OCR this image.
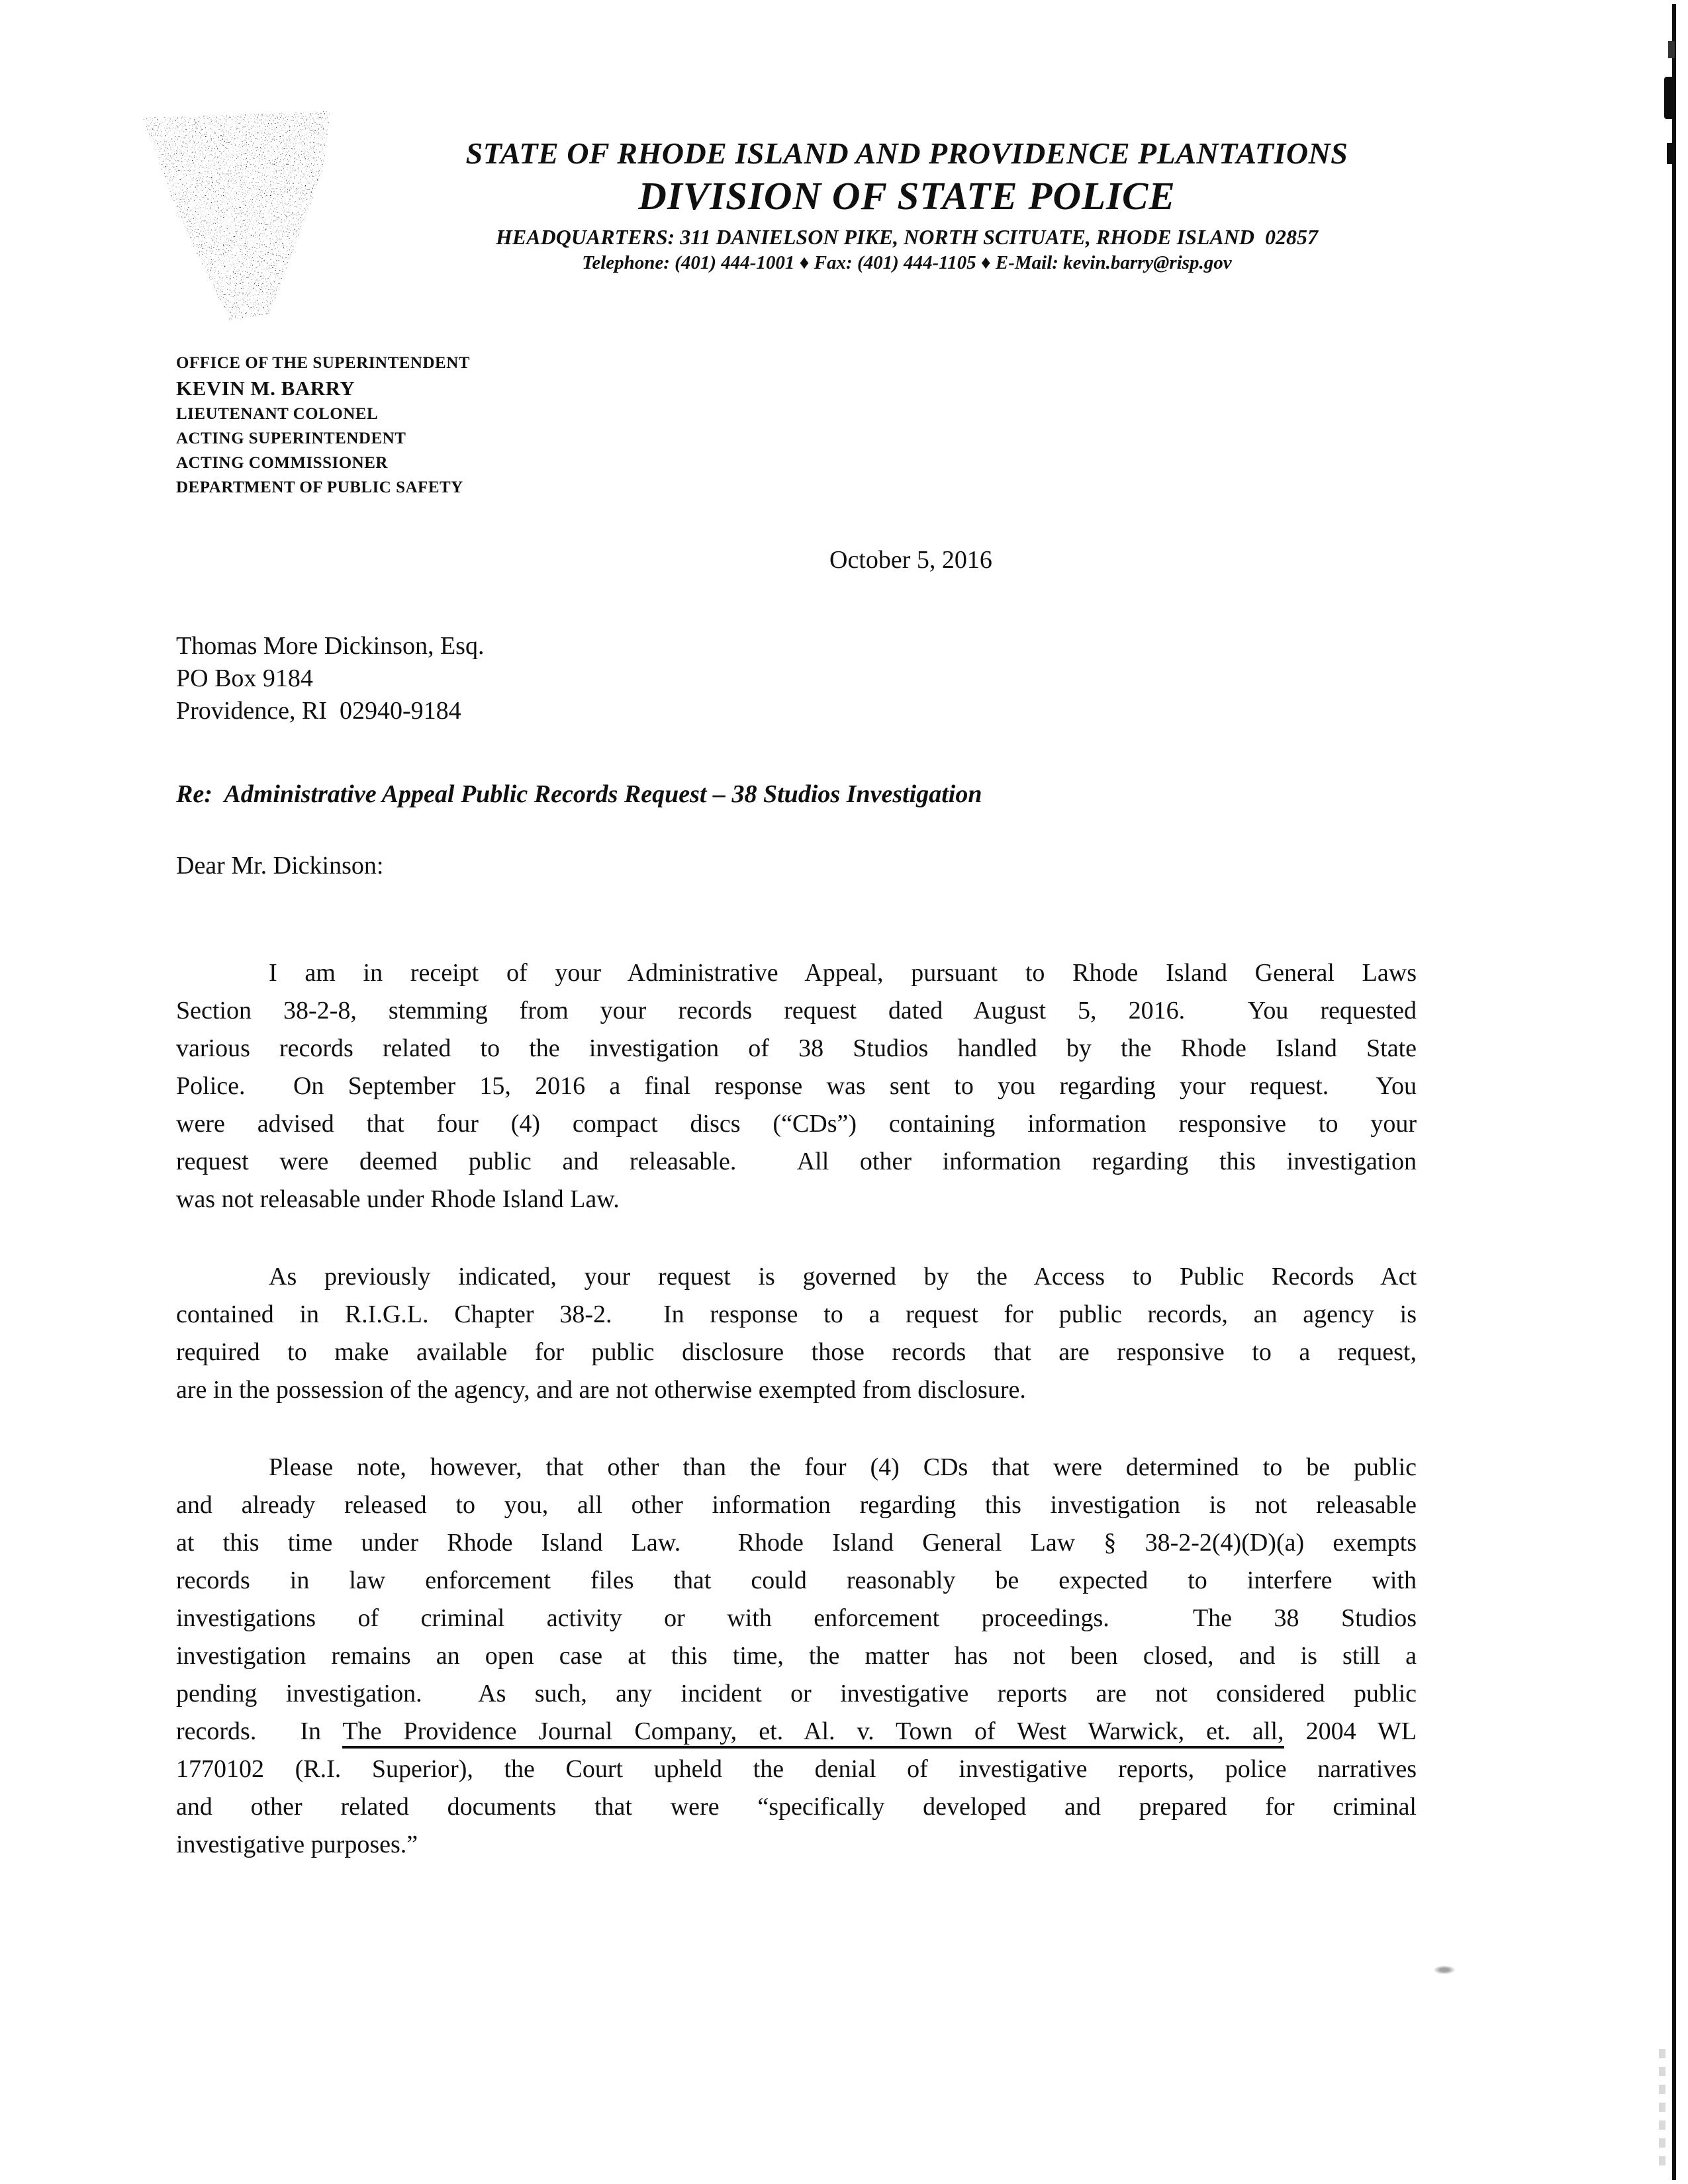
STATE OF RHODE ISLAND AND PROVIDENCE PLANTATIONS
DIVISION OF STATE POLICE
HEADQUARTERS: 311 DANIELSON PIKE, NORTH SCITUATE, RHODE ISLAND  02857
Telephone: (401) 444-1001 ♦ Fax: (401) 444-1105 ♦ E-Mail: kevin.barry@risp.gov
OFFICE OF THE SUPERINTENDENT
KEVIN M. BARRY
LIEUTENANT COLONEL
ACTING SUPERINTENDENT
ACTING COMMISSIONER
DEPARTMENT OF PUBLIC SAFETY
October 5, 2016
Thomas More Dickinson, Esq.
PO Box 9184
Providence, RI  02940-9184
Re:  Administrative Appeal Public Records Request – 38 Studios Investigation
Dear Mr. Dickinson:
I am in receipt of your Administrative Appeal, pursuant to Rhode Island General Laws
Section 38-2-8, stemming from your records request dated August 5, 2016.  You requested
various records related to the investigation of 38 Studios handled by the Rhode Island State
Police.  On September 15, 2016 a final response was sent to you regarding your request.  You
were advised that four (4) compact discs (“CDs”) containing information responsive to your
request were deemed public and releasable.  All other information regarding this investigation
was not releasable under Rhode Island Law.
As previously indicated, your request is governed by the Access to Public Records Act
contained in R.I.G.L. Chapter 38-2.  In response to a request for public records, an agency is
required to make available for public disclosure those records that are responsive to a request,
are in the possession of the agency, and are not otherwise exempted from disclosure.
Please note, however, that other than the four (4) CDs that were determined to be public
and already released to you, all other information regarding this investigation is not releasable
at this time under Rhode Island Law.  Rhode Island General Law § 38-2-2(4)(D)(a) exempts
records in law enforcement files that could reasonably be expected to interfere with
investigations of criminal activity or with enforcement proceedings.  The 38 Studios
investigation remains an open case at this time, the matter has not been closed, and is still a
pending investigation.  As such, any incident or investigative reports are not considered public
records.  In The Providence Journal Company, et. Al. v. Town of West Warwick, et. all, 2004 WL
1770102 (R.I. Superior), the Court upheld the denial of investigative reports, police narratives
and other related documents that were “specifically developed and prepared for criminal
investigative purposes.”
